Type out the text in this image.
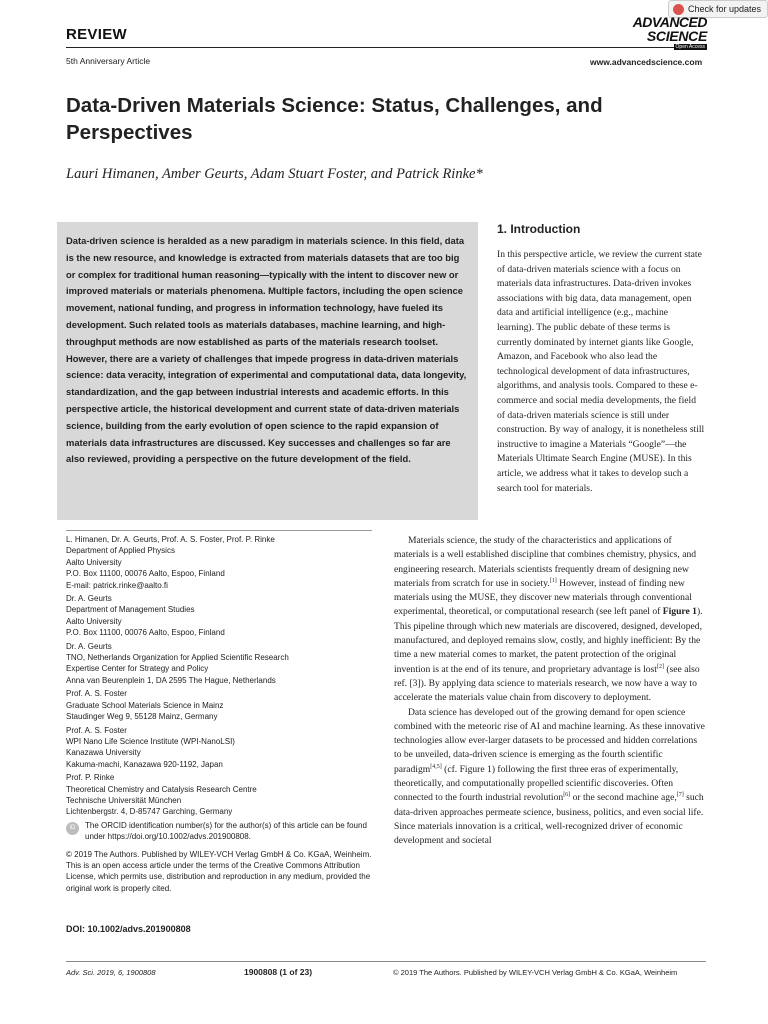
REVIEW
5th Anniversary Article
Check for updates
ADVANCED
SCIENCE
Open Access
www.advancedscience.com
Data-Driven Materials Science: Status, Challenges, and Perspectives
Lauri Himanen, Amber Geurts, Adam Stuart Foster, and Patrick Rinke*

Data-driven science is heralded as a new paradigm in materials science. In this field, data is the new resource, and knowledge is extracted from materials datasets that are too big or complex for traditional human reasoning—typically with the intent to discover new or improved materials or materials phenomena. Multiple factors, including the open science movement, national funding, and progress in information technology, have fueled its development. Such related tools as materials databases, machine learning, and high-throughput methods are now established as parts of the materials research toolset. However, there are a variety of challenges that impede progress in data-driven materials science: data veracity, integration of experimental and computational data, data longevity, standardization, and the gap between industrial interests and academic efforts. In this perspective article, the historical development and current state of data-driven materials science, building from the early evolution of open science to the rapid expansion of materials data infrastructures are discussed. Key successes and challenges so far are also reviewed, providing a perspective on the future development of the field.

1. Introduction

In this perspective article, we review the current state of data-driven materials science with a focus on materials data infrastructures. Data-driven invokes associations with big data, data management, open data and artificial intelligence (e.g., machine learning). The public debate of these terms is currently dominated by internet giants like Google, Amazon, and Facebook who also lead the technological development of data infrastructures, algorithms, and analysis tools. Compared to these e-commerce and social media developments, the field of data-driven materials science is still under construction. By way of analogy, it is nonetheless still instructive to imagine a Materials “Google”—the Materials Ultimate Search Engine (MUSE). In this article, we address what it takes to develop such a search tool for materials.

Materials science, the study of the characteristics and applications of materials is a well established discipline that combines chemistry, physics, and engineering research. Materials scientists frequently dream of designing new materials from scratch for use in society.[1] However, instead of finding new materials using the MUSE, they discover new materials through conventional experimental, theoretical, or computational research (see left panel of Figure 1). This pipeline through which new materials are discovered, designed, developed, manufactured, and deployed remains slow, costly, and highly inefficient: By the time a new material comes to market, the patent protection of the original invention is at the end of its tenure, and proprietary advantage is lost[2] (see also ref. [3]). By applying data science to materials research, we now have a way to accelerate the materials value chain from discovery to deployment.

Data science has developed out of the growing demand for open science combined with the meteoric rise of AI and machine learning. As these innovative technologies allow ever-larger datasets to be processed and hidden correlations to be unveiled, data-driven science is emerging as the fourth scientific paradigm[4,5] (cf. Figure 1) following the first three eras of experimentally, theoretically, and computationally propelled scientific discoveries. Often connected to the fourth industrial revolution[6] or the second machine age,[7] such data-driven approaches permeate science, business, politics, and even social life. Since materials innovation is a critical, well-recognized driver of economic development and societal

L. Himanen, Dr. A. Geurts, Prof. A. S. Foster, Prof. P. Rinke
Department of Applied Physics
Aalto University
P.O. Box 11100, 00076 Aalto, Espoo, Finland
E-mail: patrick.rinke@aalto.fi
Dr. A. Geurts
Department of Management Studies
Aalto University
P.O. Box 11100, 00076 Aalto, Espoo, Finland
Dr. A. Geurts
TNO, Netherlands Organization for Applied Scientific Research
Expertise Center for Strategy and Policy
Anna van Beurenplein 1, DA 2595 The Hague, Netherlands
Prof. A. S. Foster
Graduate School Materials Science in Mainz
Staudinger Weg 9, 55128 Mainz, Germany
Prof. A. S. Foster
WPI Nano Life Science Institute (WPI-NanoLSI)
Kanazawa University
Kakuma-machi, Kanazawa 920-1192, Japan
Prof. P. Rinke
Theoretical Chemistry and Catalysis Research Centre
Technische Universität München
Lichtenbergstr. 4, D-85747 Garching, Germany
iD	The ORCID identification number(s) for the author(s) of this article can be found under https://doi.org/10.1002/advs.201900808.
© 2019 The Authors. Published by WILEY-VCH Verlag GmbH & Co. KGaA, Weinheim. This is an open access article under the terms of the Creative Commons Attribution License, which permits use, distribution and reproduction in any medium, provided the original work is properly cited.
DOI: 10.1002/advs.201900808
Adv. Sci. 2019, 6, 1900808	1900808 (1 of 23)	© 2019 The Authors. Published by WILEY-VCH Verlag GmbH & Co. KGaA, Weinheim
